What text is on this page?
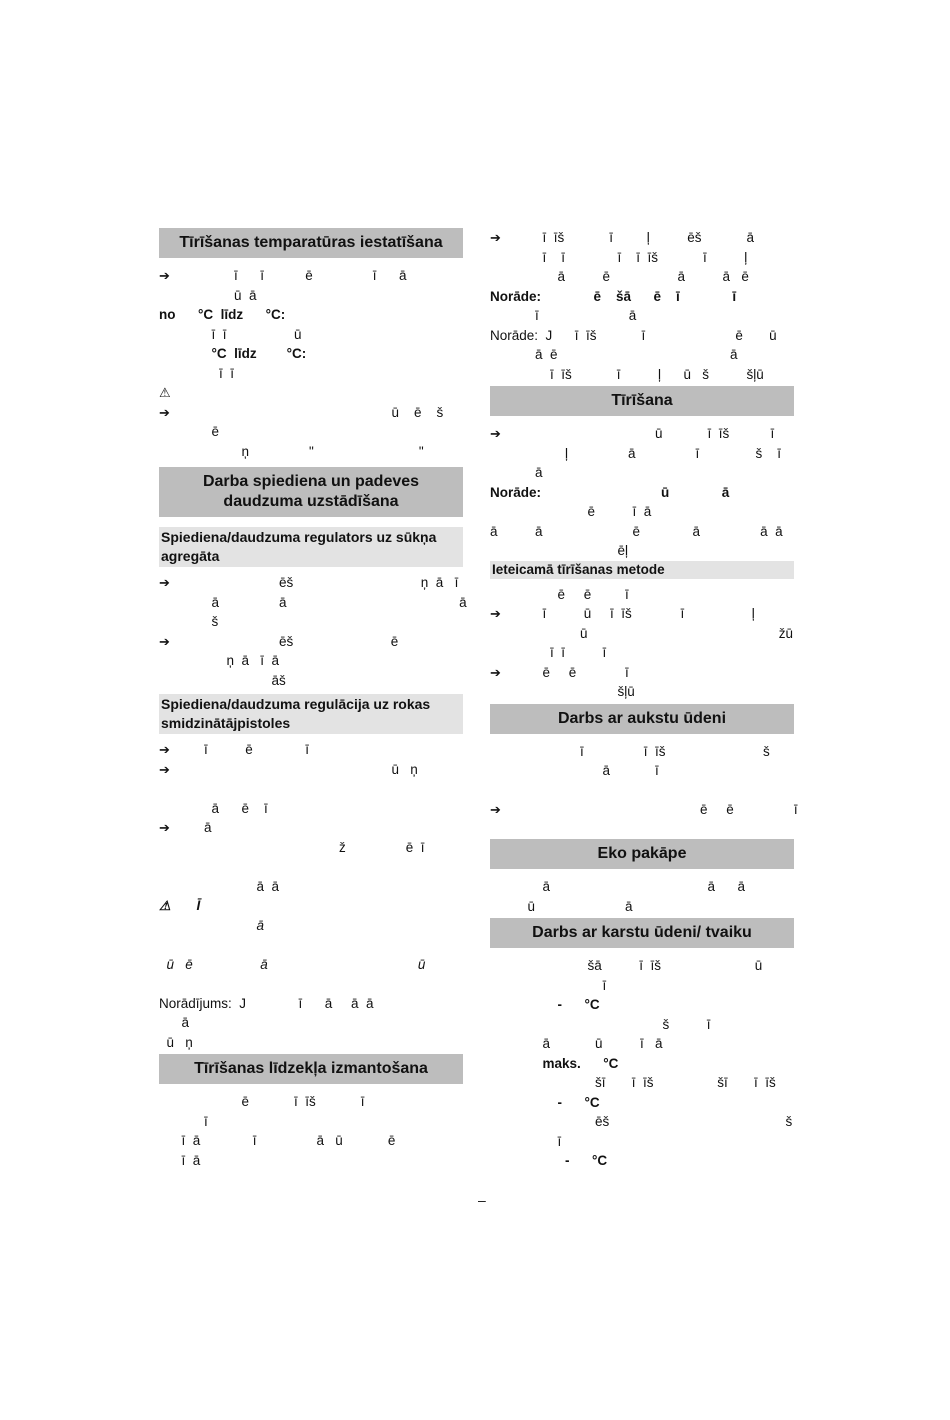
Tīrīšanas temparatūras iestatīšana
➔	ī      ī           ē                ī      ā
ū  ā
no      °C  līdz      °C:
ī  ī                  ū
°C  līdz        °C:
ī  ī
⚠
➔	ū    ē    š
ē
ņ                "                            "
Darba spiediena un padeves daudzuma uzstādīšana
Spiediena/daudzuma regulators uz sūkņa agregāta
➔	ēš                                  ņ  ā   ī
ā                ā                                              ā
š
➔	ēš                          ē
ņ  ā   ī  ā
āš
Spiediena/daudzuma regulācija uz rokas smidzinātājpistoles
➔	ī          ē              ī
➔	ū   ņ
ā      ē    ī
➔	ā
ž                ē  ī
ā  ā
⚠	Ī
ā
ū   ē                  ā                                        ū
Norādījums:  J              ī      ā     ā  ā
ā
ū   ņ
Tīrīšanas līdzekļa izmantošana
ē            ī  īš            ī
ī
ī  ā              ī                ā   ū            ē
ī  ā
➔	ī  īš            ī         ļ          ēš            ā
ī    ī              ī    ī  īš            ī          ļ
ā          ē                  ā          ā   ē
Norāde:              ē    šā      ē    ī              ī
ī                        ā
Norāde:  J      ī  īš            ī                        ē       ū
ā  ē                                              ā
ī  īš            ī          ļ      ū   š          šļū
Tīrīšana
➔	ū            ī  īš           ī
ļ                ā                ī               š    ī
ā
Norāde:                                ū              ā
ē          ī  ā
ā          ā                        ē              ā                ā  ā
ēļ
Ieteicamā tīrīšanas metode
ē     ē         ī
➔	ī          ū     ī  īš             ī                  ļ
ū                                                   žū
ī  ī          ī
➔	ē     ē             ī
šļū
Darbs ar aukstu ūdeni
ī                ī  īš                          š
ā            ī
➔	ē     ē                ī
Eko pakāpe
ā                                          ā      ā
ū                        ā
Darbs ar karstu ūdeni/ tvaiku
šā          ī  īš                         ū
ī
-      °C
š          ī
ā            ū          ī   ā
maks.      °C
šī       ī  īš                 šī       ī  īš
-      °C
ēš                                               š
ī
-      °C
–
